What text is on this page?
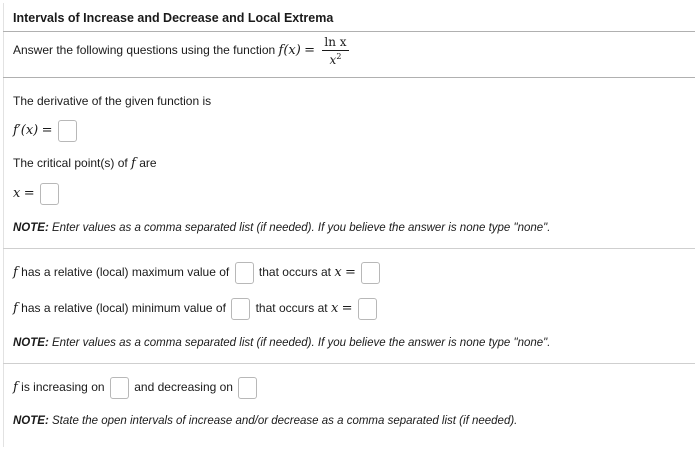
Intervals of Increase and Decrease and Local Extrema
Answer the following questions using the function $f(x) = \frac{\text{ln x}}{x^2}$
The derivative of the given function is
f′(x) =
The critical point(s) of f are
x =
NOTE: Enter values as a comma separated list (if needed). If you believe the answer is none type "none".
f has a relative (local) maximum value of that occurs at x =
f has a relative (local) minimum value of that occurs at x =
NOTE: Enter values as a comma separated list (if needed). If you believe the answer is none type "none".
f is increasing on and decreasing on
NOTE: State the open intervals of increase and/or decrease as a comma separated list (if needed).
